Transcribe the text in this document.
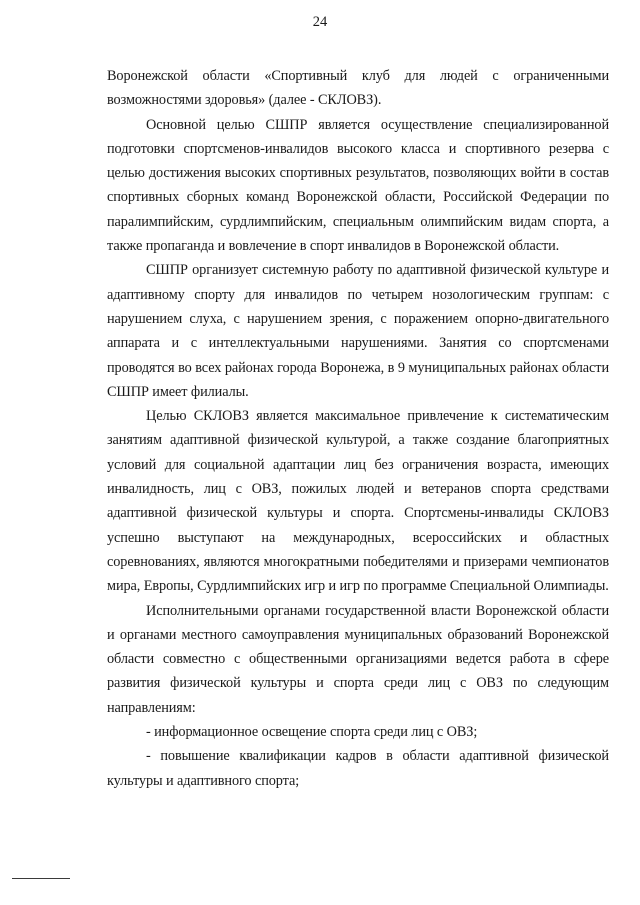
24

Воронежской области «Спортивный клуб для людей с ограниченными возможностями здоровья» (далее - СКЛОВЗ).

Основной целью СШПР является осуществление специализированной подготовки спортсменов-инвалидов высокого класса и спортивного резерва с целью достижения высоких спортивных результатов, позволяющих войти в состав спортивных сборных команд Воронежской области, Российской Федерации по паралимпийским, сурдлимпийским, специальным олимпийским видам спорта, а также пропаганда и вовлечение в спорт инвалидов в Воронежской области.

СШПР организует системную работу по адаптивной физической культуре и адаптивному спорту для инвалидов по четырем нозологическим группам: с нарушением слуха, с нарушением зрения, с поражением опорно-двигательного аппарата и с интеллектуальными нарушениями. Занятия со спортсменами проводятся во всех районах города Воронежа, в 9 муниципальных районах области СШПР имеет филиалы.

Целью СКЛОВЗ является максимальное привлечение к систематическим занятиям адаптивной физической культурой, а также создание благоприятных условий для социальной адаптации лиц без ограничения возраста, имеющих инвалидность, лиц с ОВЗ, пожилых людей и ветеранов спорта средствами адаптивной физической культуры и спорта. Спортсмены-инвалиды СКЛОВЗ успешно выступают на международных, всероссийских и областных соревнованиях, являются многократными победителями и призерами чемпионатов мира, Европы, Сурдлимпийских игр и игр по программе Специальной Олимпиады.

Исполнительными органами государственной власти Воронежской области и органами местного самоуправления муниципальных образований Воронежской области совместно с общественными организациями ведется работа в сфере развития физической культуры и спорта среди лиц с ОВЗ по следующим направлениям:

- информационное освещение спорта среди лиц с ОВЗ;

- повышение квалификации кадров в области адаптивной физической культуры и адаптивного спорта;
